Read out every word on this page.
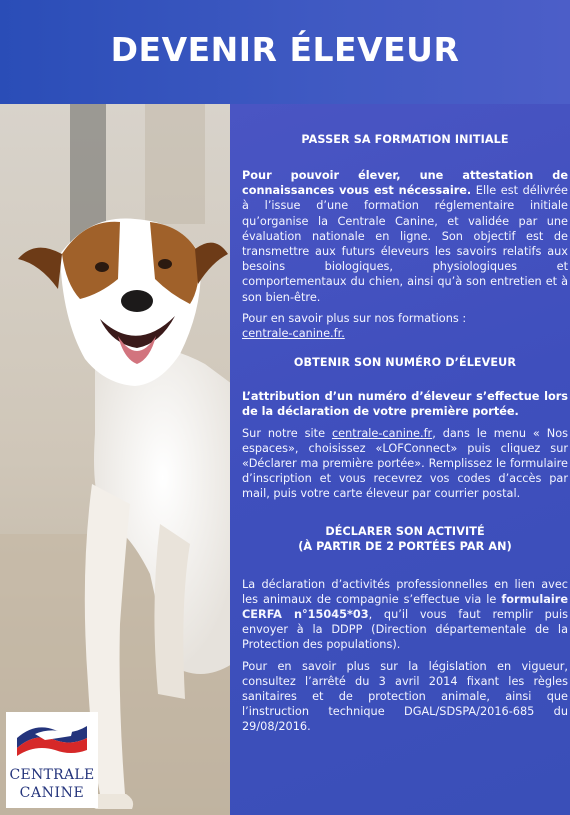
DEVENIR ÉLEVEUR
PASSER SA FORMATION INITIALE

Pour pouvoir élever, une attestation de connaissances vous est nécessaire. Elle est délivrée à l’issue d’une formation réglementaire initiale qu’organise la Centrale Canine, et validée par une évaluation nationale en ligne. Son objectif est de transmettre aux futurs éleveurs les savoirs relatifs aux besoins biologiques, physiologiques et comportementaux du chien, ainsi qu’à son entretien et à son bien-être.

Pour en savoir plus sur nos formations :
centrale-canine.fr.

OBTENIR SON NUMÉRO D’ÉLEVEUR

L’attribution d’un numéro d’éleveur s’effectue lors de la déclaration de votre première portée.

Sur notre site centrale-canine.fr, dans le menu « Nos espaces», choisissez «LOFConnect» puis cliquez sur «Déclarer ma première portée». Remplissez le formulaire d’inscription et vous recevrez vos codes d’accès par mail, puis votre carte éleveur par courrier postal.

DÉCLARER SON ACTIVITÉ
(À PARTIR DE 2 PORTÉES PAR AN)

La déclaration d’activités professionnelles en lien avec les animaux de compagnie s’effectue via le formulaire CERFA n°15045*03, qu’il vous faut remplir puis envoyer à la DDPP (Direction départementale de la Protection des populations).

Pour en savoir plus sur la législation en vigueur, consultez l’arrêté du 3 avril 2014 fixant les règles sanitaires et de protection animale, ainsi que l’instruction technique DGAL/SDSPA/2016-685 du 29/08/2016.

CENTRALE
CANINE
